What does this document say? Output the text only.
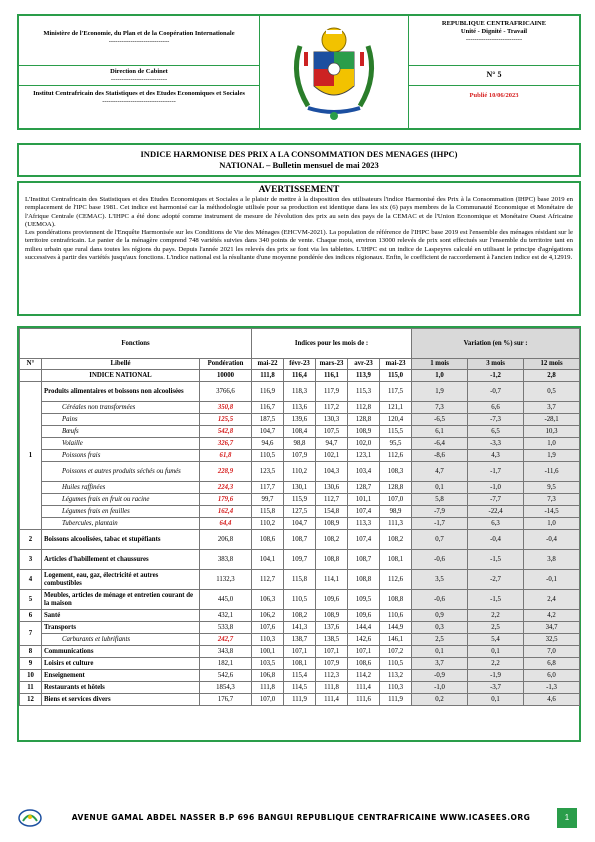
Ministère de l'Economie, du Plan et de la Coopération Internationale
----------------------------
Direction de Cabinet
--------------------------
Institut Centrafricain des Statistiques et des Etudes Economiques et Sociales
----------------------------------
REPUBLIQUE CENTRAFRICAINE
Unité - Dignité - Travail
--------------------------
N° 5
Publié 10/06/2023
INDICE HARMONISE DES PRIX A LA CONSOMMATION DES MENAGES (IHPC)
NATIONAL – Bulletin mensuel de mai 2023
AVERTISSEMENT

L'Institut Centrafricain des Statistiques et des Etudes Economiques et Sociales a le plaisir de mettre à la disposition des utilisateurs l'indice Harmonisé des Prix à la Consommation (IHPC) base 2019 en remplacement de l'IPC base 1981. Cet indice est harmonisé car la méthodologie utilisée pour sa production est identique dans les six (6) pays membres de la Communauté Economique et Monétaire de l'Afrique Centrale (CEMAC). L'IHPC a été donc adopté comme instrument de mesure de l'évolution des prix au sein des pays de la CEMAC et de l'Union Economique et Monétaire Ouest Africaine (UEMOA).

Les pondérations proviennent de l'Enquête Harmonisée sur les Conditions de Vie des Ménages (EHCVM-2021). La population de référence de l'IHPC base 2019 est l'ensemble des ménages résidant sur le territoire centrafricain. Le panier de la ménagère comprend 748 variétés suivies dans 340 points de vente. Chaque mois, environ 13000 relevés de prix sont effectués sur l'ensemble du territoire tant en milieu urbain que rural dans toutes les régions du pays. Depuis l'année 2021 les relevés des prix se font via les tablettes. L'IHPC est un indice de Laspeyres calculé en utilisant le principe d'agrégations successives à partir des variétés jusqu'aux fonctions. L'indice national est la résultante d'une moyenne pondérée des indices régionaux. Enfin, le coefficient de raccordement à l'ancien indice est de 4,12919.

Fonctions			Indices pour les mois de :					Variation (en %) sur :		
N°	Libellé	Pondération	mai-22	févr-23	mars-23	avr-23	mai-23	1 mois	3 mois	12 mois
	INDICE NATIONAL	10000	111,8	116,4	116,1	113,9	115,0	1,0	-1,2	2,8
1	Produits alimentaires et boissons non alcoolisées	3766,6	116,9	118,3	117,9	115,3	117,5	1,9	-0,7	0,5
	Céréales non transformées	350,8	116,7	113,6	117,2	112,8	121,1	7,3	6,6	3,7
	Pains	125,5	187,5	139,6	130,3	128,8	120,4	-6,5	-7,3	-28,1
	Bœufs	542,8	104,7	108,4	107,5	108,9	115,5	6,1	6,5	10,3
	Volaille	326,7	94,6	98,8	94,7	102,0	95,5	-6,4	-3,3	1,0
	Poissons frais	61,8	110,5	107,9	102,1	123,1	112,6	-8,6	4,3	1,9
	Poissons et autres produits séchés ou fumés	228,9	123,5	110,2	104,3	103,4	108,3	4,7	-1,7	-11,6
	Huiles raffinées	224,3	117,7	130,1	130,6	128,7	128,8	0,1	-1,0	9,5
	Légumes frais en fruit ou racine	179,6	99,7	115,9	112,7	101,1	107,0	5,8	-7,7	7,3
	Légumes frais en feuilles	162,4	115,8	127,5	154,8	107,4	98,9	-7,9	-22,4	-14,5
	Tubercules, plantain	64,4	110,2	104,7	108,9	113,3	111,3	-1,7	6,3	1,0
2	Boissons alcoolisées, tabac et stupéfiants	206,8	108,6	108,7	108,2	107,4	108,2	0,7	-0,4	-0,4
3	Articles d'habillement et chaussures	383,8	104,1	109,7	108,8	108,7	108,1	-0,6	-1,5	3,8
4	Logement, eau, gaz, électricité et autres combustibles	1132,3	112,7	115,8	114,1	108,8	112,6	3,5	-2,7	-0,1
5	Meubles, articles de ménage et entretien courant de la maison	445,0	106,3	110,5	109,6	109,5	108,8	-0,6	-1,5	2,4
6	Santé	432,1	106,2	108,2	108,9	109,6	110,6	0,9	2,2	4,2
7	Transports	533,8	107,6	141,3	137,6	144,4	144,9	0,3	2,5	34,7
	Carburants et lubrifiants	242,7	110,3	138,7	138,5	142,6	146,1	2,5	5,4	32,5
8	Communications	343,8	100,1	107,1	107,1	107,1	107,2	0,1	0,1	7,0
9	Loisirs et culture	182,1	103,5	108,1	107,9	108,6	110,5	3,7	2,2	6,8
10	Enseignement	542,6	106,8	115,4	112,3	114,2	113,2	-0,9	-1,9	6,0
11	Restaurants et hôtels	1854,3	111,8	114,5	111,8	111,4	110,3	-1,0	-3,7	-1,3
12	Biens et services divers	176,7	107,0	111,9	111,4	111,6	111,9	0,2	0,1	4,6
AVENUE GAMAL ABDEL NASSER B.P 696 BANGUI REPUBLIQUE CENTRAFRICAINE WWW.ICASEES.ORG	1
